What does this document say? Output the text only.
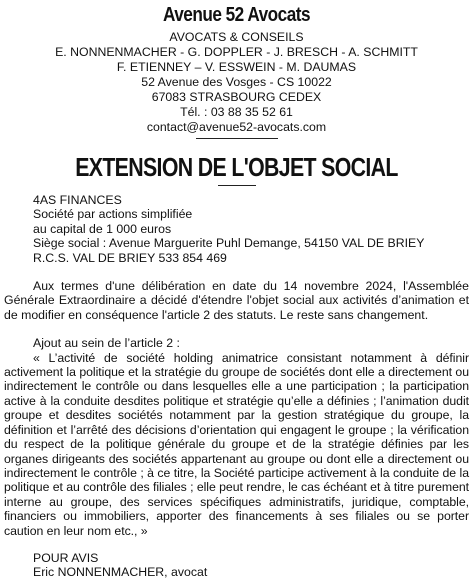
Avenue 52 Avocats
AVOCATS & CONSEILS
E. NONNENMACHER - G. DOPPLER - J. BRESCH - A. SCHMITT
F. ETIENNEY – V. ESSWEIN - M. DAUMAS
52 Avenue des Vosges - CS 10022
67083 STRASBOURG CEDEX
Tél. : 03 88 35 52 61
contact@avenue52-avocats.com
EXTENSION DE L'OBJET SOCIAL
4AS FINANCES
Société par actions simplifiée
au capital de 1 000 euros
Siège social : Avenue Marguerite Puhl Demange, 54150 VAL DE BRIEY
R.C.S. VAL DE BRIEY 533 854 469

Aux termes d'une délibération en date du 14 novembre 2024, l'Assemblée Générale Extraordinaire a décidé d'étendre l'objet social aux activités d’animation et de modifier en conséquence l'article 2 des statuts. Le reste sans changement.

Ajout au sein de l’article 2 :

« L’activité de société holding animatrice consistant notamment à définir activement la politique et la stratégie du groupe de sociétés dont elle a directement ou indirectement le contrôle ou dans lesquelles elle a une participation ; la participation active à la conduite desdites politique et stratégie qu’elle a définies ; l’animation dudit groupe et desdites sociétés notamment par la gestion stratégique du groupe, la définition et l’arrêté des décisions d’orientation qui engagent le groupe ; la vérification du respect de la politique générale du groupe et de la stratégie définies par les organes dirigeants des sociétés appartenant au groupe ou dont elle a directement ou indirectement le contrôle ; à ce titre, la Société participe activement à la conduite de la politique et au contrôle des filiales ; elle peut rendre, le cas échéant et à titre purement interne au groupe, des services spécifiques administratifs, juridique, comptable, financiers ou immobiliers, apporter des financements à ses filiales ou se porter caution en leur nom etc., »

POUR AVIS
Eric NONNENMACHER, avocat
